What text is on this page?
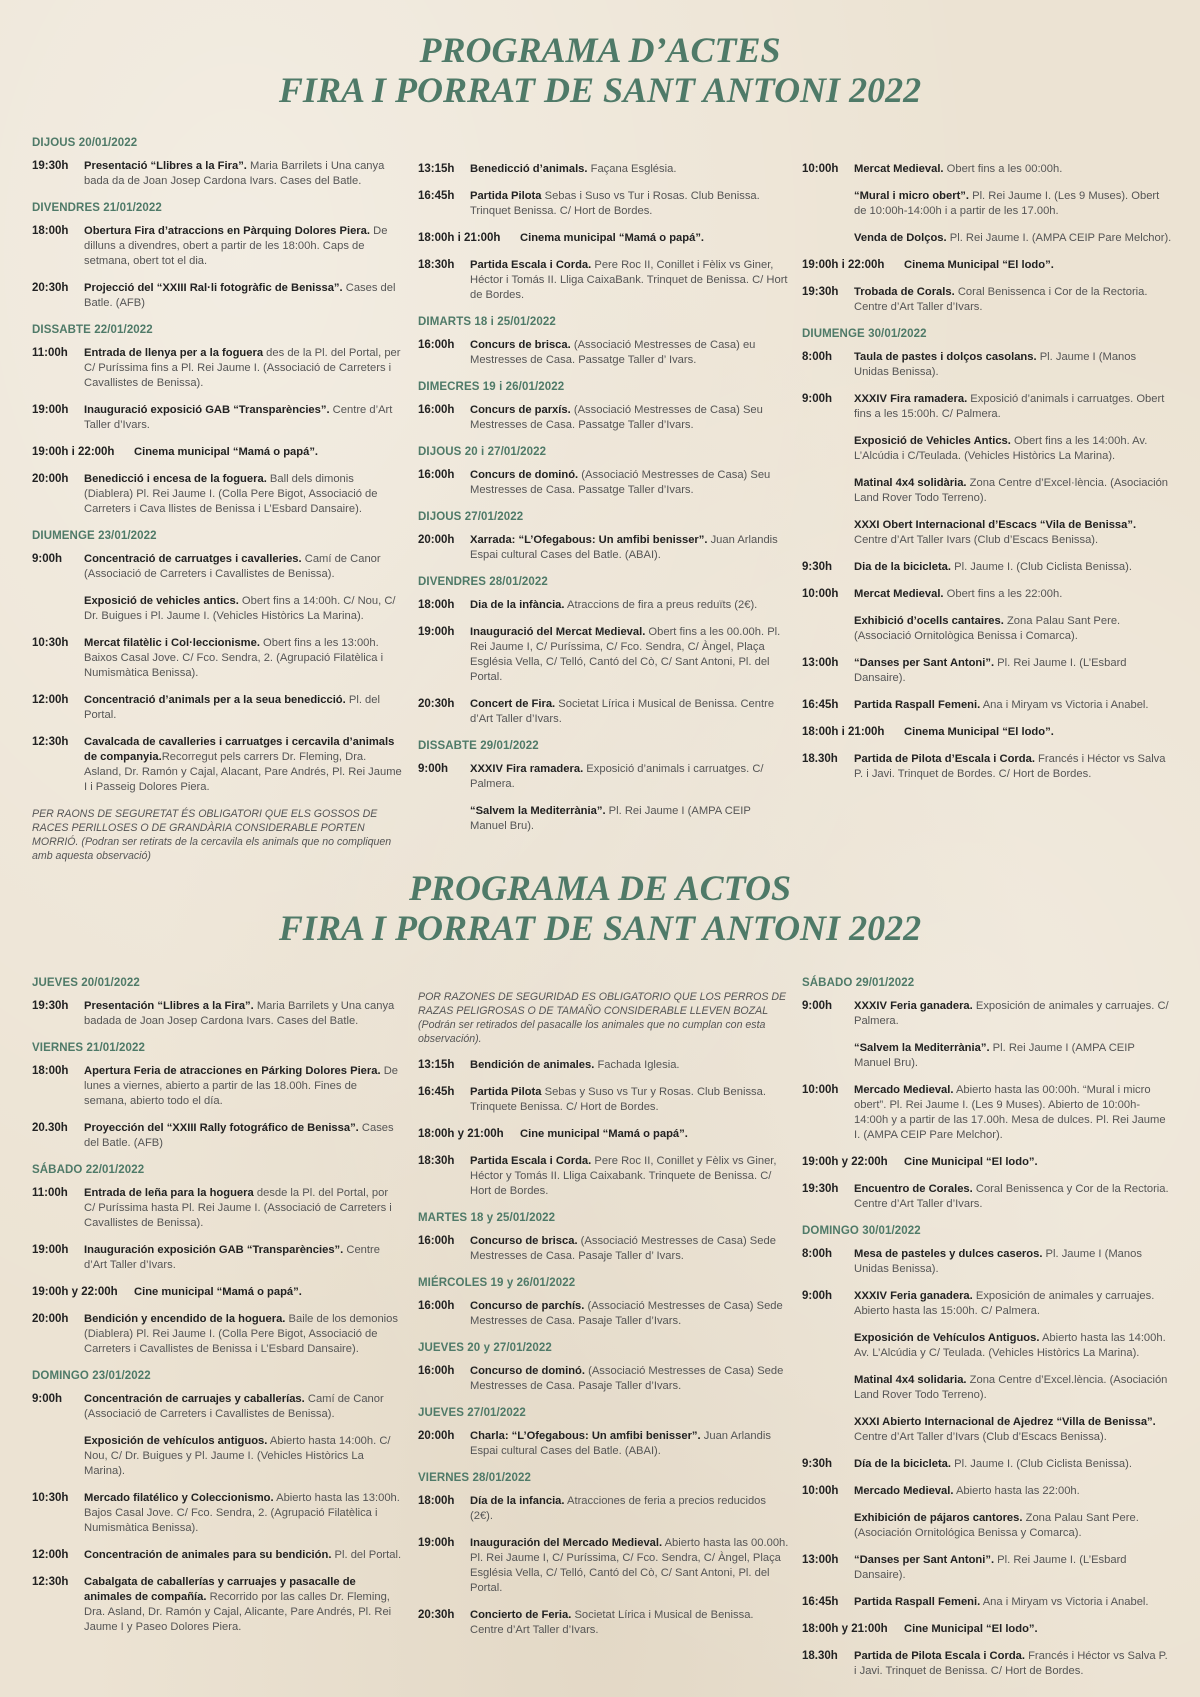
PROGRAMA D’ACTES
FIRA I PORRAT DE SANT ANTONI 2022
DIJOUS 20/01/2022
19:30h	Presentació “Llibres a la Fira”. Maria Barrilets i Una canya bada da de Joan Josep Cardona Ivars. Cases del Batle.
DIVENDRES 21/01/2022
18:00h	Obertura Fira d’atraccions en Pàrquing Dolores Piera. De dilluns a divendres, obert a partir de les 18:00h. Caps de setmana, obert tot el dia.
20:30h	Projecció del “XXIII Ral·li fotogràfic de Benissa”. Cases del Batle. (AFB)
DISSABTE 22/01/2022
11:00h	Entrada de llenya per a la foguera des de la Pl. del Portal, per C/ Puríssima fins a Pl. Rei Jaume I. (Associació de Carreters i Cavallistes de Benissa).
19:00h	Inauguració exposició GAB “Transparències”. Centre d’Art Taller d’Ivars.
19:00h i 22:00h	Cinema municipal “Mamá o papá”.
20:00h	Benedicció i encesa de la foguera. Ball dels dimonis (Diablera) Pl. Rei Jaume I. (Colla Pere Bigot, Associació de Carreters i Cava llistes de Benissa i L’Esbard Dansaire).
DIUMENGE 23/01/2022
9:00h	Concentració de carruatges i cavalleries. Camí de Canor (Associació de Carreters i Cavallistes de Benissa).
Exposició de vehicles antics. Obert fins a 14:00h. C/ Nou, C/ Dr. Buigues i Pl. Jaume I. (Vehicles Històrics La Marina).
10:30h	Mercat filatèlic i Col·leccionisme. Obert fins a les 13:00h. Baixos Casal Jove. C/ Fco. Sendra, 2. (Agrupació Filatèlica i Numismàtica Benissa).
12:00h	Concentració d’animals per a la seua benedicció. Pl. del Portal.
12:30h	Cavalcada de cavalleries i carruatges i cercavila d’animals de companyia.Recorregut pels carrers Dr. Fleming, Dra. Asland, Dr. Ramón y Cajal, Alacant, Pare Andrés, Pl. Rei Jaume I i Passeig Dolores Piera.

PER RAONS DE SEGURETAT ÉS OBLIGATORI QUE ELS GOSSOS DE RACES PERILLOSES O DE GRANDÀRIA CONSIDERABLE PORTEN MORRIÓ. (Podran ser retirats de la cercavila els animals que no compliquen amb aquesta observació)

13:15h	Benedicció d’animals. Façana Església.
16:45h	Partida Pilota Sebas i Suso vs Tur i Rosas. Club Benissa. Trinquet Benissa. C/ Hort de Bordes.
18:00h i 21:00h	Cinema municipal “Mamá o papá”.
18:30h	Partida Escala i Corda. Pere Roc II, Conillet i Fèlix vs Giner, Héctor i Tomás II. Lliga CaixaBank. Trinquet de Benissa. C/ Hort de Bordes.
DIMARTS 18 i 25/01/2022
16:00h	Concurs de brisca. (Associació Mestresses de Casa) eu Mestresses de Casa. Passatge Taller d’ Ivars.
DIMECRES 19 i 26/01/2022
16:00h	Concurs de parxís. (Associació Mestresses de Casa) Seu Mestresses de Casa. Passatge Taller d’Ivars.
DIJOUS 20 i 27/01/2022
16:00h	Concurs de dominó. (Associació Mestresses de Casa) Seu Mestresses de Casa. Passatge Taller d’Ivars.
DIJOUS 27/01/2022
20:00h	Xarrada: “L’Ofegabous: Un amfibi benisser”. Juan Arlandis Espai cultural Cases del Batle. (ABAI).
DIVENDRES 28/01/2022
18:00h	Dia de la infància. Atraccions de fira a preus reduïts (2€).
19:00h	Inauguració del Mercat Medieval. Obert fins a les 00.00h. Pl. Rei Jaume I, C/ Puríssima, C/ Fco. Sendra, C/ Àngel, Plaça Església Vella, C/ Telló, Cantó del Cò, C/ Sant Antoni, Pl. del Portal.
20:30h	Concert de Fira. Societat Lírica i Musical de Benissa. Centre d’Art Taller d’Ivars.
DISSABTE 29/01/2022
9:00h	XXXIV Fira ramadera. Exposició d’animals i carruatges. C/ Palmera.
“Salvem la Mediterrània”. Pl. Rei Jaume I (AMPA CEIP Manuel Bru).
10:00h	Mercat Medieval. Obert fins a les 00:00h.
“Mural i micro obert”. Pl. Rei Jaume I. (Les 9 Muses). Obert de 10:00h-14:00h i a partir de les 17.00h.
Venda de Dolços. Pl. Rei Jaume I. (AMPA CEIP Pare Melchor).
19:00h i 22:00h	Cinema Municipal “El lodo”.
19:30h	Trobada de Corals. Coral Benissenca i Cor de la Rectoria. Centre d’Art Taller d’Ivars.
DIUMENGE 30/01/2022
8:00h	Taula de pastes i dolços casolans. Pl. Jaume I (Manos Unidas Benissa).
9:00h	XXXIV Fira ramadera. Exposició d’animals i carruatges. Obert fins a les 15:00h. C/ Palmera.
Exposició de Vehicles Antics. Obert fins a les 14:00h. Av. L’Alcúdia i C/Teulada. (Vehicles Històrics La Marina).
Matinal 4x4 solidària. Zona Centre d’Excel·lència. (Asociación Land Rover Todo Terreno).
XXXI Obert Internacional d’Escacs “Vila de Benissa”. Centre d’Art Taller Ivars (Club d’Escacs Benissa).
9:30h	Dia de la bicicleta. Pl. Jaume I. (Club Ciclista Benissa).
10:00h	Mercat Medieval. Obert fins a les 22:00h.
Exhibició d’ocells cantaires. Zona Palau Sant Pere. (Associació Ornitològica Benissa i Comarca).
13:00h	“Danses per Sant Antoni”. Pl. Rei Jaume I. (L’Esbard Dansaire).
16:45h	Partida Raspall Femeni. Ana i Miryam vs Victoria i Anabel.
18:00h i 21:00h	Cinema Municipal “El lodo”.
18.30h	Partida de Pilota d’Escala i Corda. Francés i Héctor vs Salva P. i Javi. Trinquet de Bordes. C/ Hort de Bordes.
PROGRAMA DE ACTOS
FIRA I PORRAT DE SANT ANTONI 2022
JUEVES 20/01/2022
19:30h	Presentación “Llibres a la Fira”. Maria Barrilets y Una canya badada de Joan Josep Cardona Ivars. Cases del Batle.
VIERNES 21/01/2022
18:00h	Apertura Feria de atracciones en Párking Dolores Piera. De lunes a viernes, abierto a partir de las 18.00h. Fines de semana, abierto todo el día.
20.30h	Proyección del “XXIII Rally fotográfico de Benissa”. Cases del Batle. (AFB)
SÁBADO 22/01/2022
11:00h	Entrada de leña para la hoguera desde la Pl. del Portal, por C/ Puríssima hasta Pl. Rei Jaume I. (Associació de Carreters i Cavallistes de Benissa).
19:00h	Inauguración exposición GAB “Transparències”. Centre d’Art Taller d’Ivars.
19:00h y 22:00h	Cine municipal “Mamá o papá”.
20:00h	Bendición y encendido de la hoguera. Baile de los demonios (Diablera) Pl. Rei Jaume I. (Colla Pere Bigot, Associació de Carreters i Cavallistes de Benissa i L’Esbard Dansaire).
DOMINGO 23/01/2022
9:00h	Concentración de carruajes y caballerías. Camí de Canor (Associació de Carreters i Cavallistes de Benissa).
Exposición de vehículos antiguos. Abierto hasta 14:00h. C/ Nou, C/ Dr. Buigues y Pl. Jaume I. (Vehicles Històrics La Marina).
10:30h	Mercado filatélico y Coleccionismo. Abierto hasta las 13:00h. Bajos Casal Jove. C/ Fco. Sendra, 2. (Agrupació Filatèlica i Numismàtica Benissa).
12:00h	Concentración de animales para su bendición. Pl. del Portal.
12:30h	Cabalgata de caballerías y carruajes y pasacalle de animales de compañía. Recorrido por las calles Dr. Fleming, Dra. Asland, Dr. Ramón y Cajal, Alicante, Pare Andrés, Pl. Rei Jaume I y Paseo Dolores Piera.

POR RAZONES DE SEGURIDAD ES OBLIGATORIO QUE LOS PERROS DE RAZAS PELIGROSAS O DE TAMAÑO CONSIDERABLE LLEVEN BOZAL (Podrán ser retirados del pasacalle los animales que no cumplan con esta observación).

13:15h	Bendición de animales. Fachada Iglesia.
16:45h	Partida Pilota Sebas y Suso vs Tur y Rosas. Club Benissa. Trinquete Benissa. C/ Hort de Bordes.
18:00h y 21:00h	Cine municipal “Mamá o papá”.
18:30h	Partida Escala i Corda. Pere Roc II, Conillet y Fèlix vs Giner, Héctor y Tomás II. Lliga Caixabank. Trinquete de Benissa. C/ Hort de Bordes.
MARTES 18 y 25/01/2022
16:00h	Concurso de brisca. (Associació Mestresses de Casa) Sede Mestresses de Casa. Pasaje Taller d’ Ivars.
MIÉRCOLES 19 y 26/01/2022
16:00h	Concurso de parchís. (Associació Mestresses de Casa) Sede Mestresses de Casa. Pasaje Taller d’Ivars.
JUEVES 20 y 27/01/2022
16:00h	Concurso de dominó. (Associació Mestresses de Casa) Sede Mestresses de Casa. Pasaje Taller d’Ivars.
JUEVES 27/01/2022
20:00h	Charla: “L’Ofegabous: Un amfibi benisser”. Juan Arlandis Espai cultural Cases del Batle. (ABAI).
VIERNES 28/01/2022
18:00h	Día de la infancia. Atracciones de feria a precios reducidos (2€).
19:00h	Inauguración del Mercado Medieval. Abierto hasta las 00.00h. Pl. Rei Jaume I, C/ Puríssima, C/ Fco. Sendra, C/ Àngel, Plaça Església Vella, C/ Telló, Cantó del Cò, C/ Sant Antoni, Pl. del Portal.
20:30h	Concierto de Feria. Societat Lírica i Musical de Benissa. Centre d’Art Taller d’Ivars.
SÁBADO 29/01/2022
9:00h	XXXIV Feria ganadera. Exposición de animales y carruajes. C/ Palmera.
“Salvem la Mediterrània”. Pl. Rei Jaume I (AMPA CEIP Manuel Bru).
10:00h	Mercado Medieval. Abierto hasta las 00:00h. “Mural i micro obert”. Pl. Rei Jaume I. (Les 9 Muses). Abierto de 10:00h-14:00h y a partir de las 17.00h. Mesa de dulces. Pl. Rei Jaume I. (AMPA CEIP Pare Melchor).
19:00h y 22:00h	Cine Municipal “El lodo”.
19:30h	Encuentro de Corales. Coral Benissenca y Cor de la Rectoria. Centre d’Art Taller d’Ivars.
DOMINGO 30/01/2022
8:00h	Mesa de pasteles y dulces caseros. Pl. Jaume I (Manos Unidas Benissa).
9:00h	XXXIV Feria ganadera. Exposición de animales y carruajes. Abierto hasta las 15:00h. C/ Palmera.
Exposición de Vehículos Antiguos. Abierto hasta las 14:00h. Av. L’Alcúdia y C/ Teulada. (Vehicles Històrics La Marina).
Matinal 4x4 solidaria. Zona Centre d’Excel.lència. (Asociación Land Rover Todo Terreno).
XXXI Abierto Internacional de Ajedrez “Villa de Benissa”. Centre d’Art Taller d’Ivars (Club d’Escacs Benissa).
9:30h	Día de la bicicleta. Pl. Jaume I. (Club Ciclista Benissa).
10:00h	Mercado Medieval. Abierto hasta las 22:00h.
Exhibición de pájaros cantores. Zona Palau Sant Pere. (Asociación Ornitológica Benissa y Comarca).
13:00h	“Danses per Sant Antoni”. Pl. Rei Jaume I. (L’Esbard Dansaire).
16:45h	Partida Raspall Femeni. Ana i Miryam vs Victoria i Anabel.
18:00h y 21:00h	Cine Municipal “El lodo”.
18.30h	Partida de Pilota Escala i Corda. Francés i Héctor vs Salva P. i Javi. Trinquet de Benissa. C/ Hort de Bordes.
